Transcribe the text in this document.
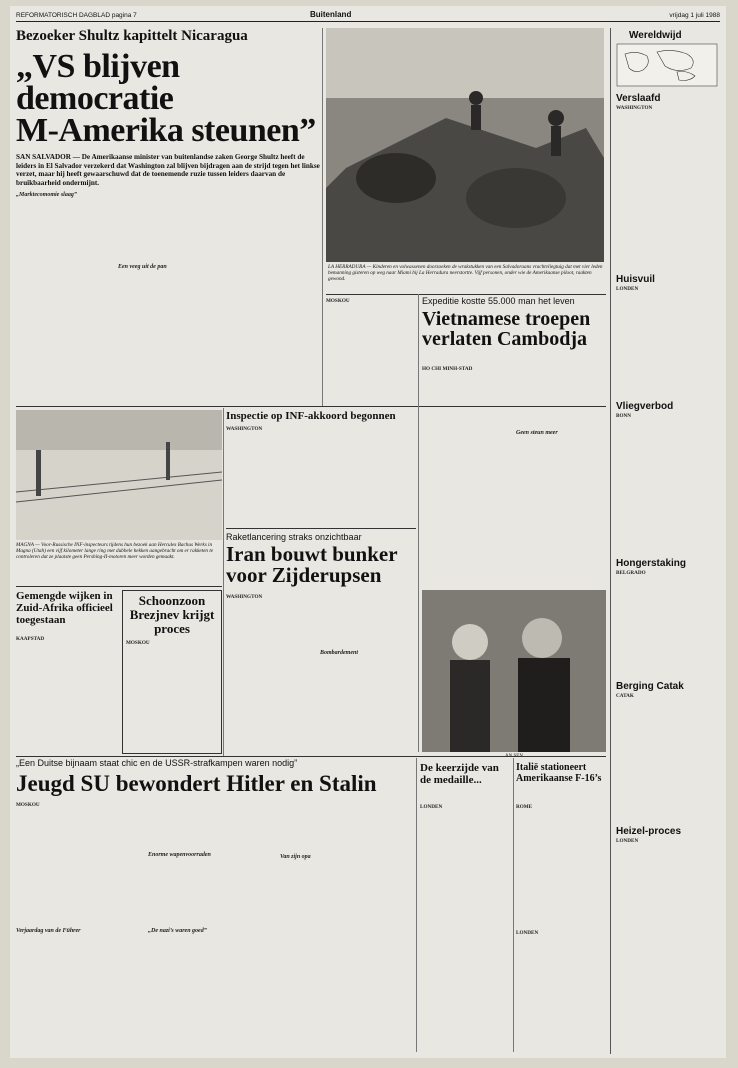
REFORMATORISCH DAGBLAD pagina 7	Buitenland	vrijdag 1 juli 1988
Bezoeker Shultz kapittelt Nicaragua
„VS blijven democratie
M-Amerika steunen”
SAN SALVADOR — De Amerikaanse minister van buitenlandse zaken George Shultz heeft de leiders in El Salvador verzekerd dat Washington zal blijven bijdragen aan de strijd tegen het linkse verzet, maar hij heeft gewaarschuwd dat de toenemende ruzie tussen leiders daarvan de bruikbaarheid ondermijnt.

„Marktecomomie slaag”
Een veeg uit de pan	LA HERRADURA — Kinderen en volwassenen doorzoeken de wrakstukken van een Salvadoraans vrachtvliegtuig dat met vier leden bemanning gisteren op weg naar Miami bij La Herradura neerstortte. Vijf personen, onder wie de Amerikaanse piloot, raakten gewond.
Wereldwijd
Verslaafd
WASHINGTON
Huisvuil
LONDEN
Vliegverbod
BONN
Hongerstaking
BELGRADO
Berging Catak
CATAK
Heizel-proces
LONDEN
MOSKOU	Expeditie kostte 55.000 man het leven
Vietnamese troepen
verlaten Cambodja
HO CHI MINH-STAD
Geen steun meer
MAGNA — Voor-Russische INF-inspecteurs tijdens hun bezoek aan Hercules Bachus Werks in Magna (Utah) een vijf kilometer lange ring met dubbele hekken aangebracht om er rakketen te controleren dat ze plaatste geen Pershing-II-motoren meer worden gemaakt.
Inspectie op INF-akkoord begonnen
WASHINGTON
Raketlancering straks onzichtbaar
Iran bouwt bunker
voor Zijderupsen
WASHINGTON
Bombardement
Gemengde wijken in Zuid-Afrika officieel toegestaan
KAAPSTAD
Schoonzoon Brezjnev krijgt proces
MOSKOU
„Een Duitse bijnaam staat chic en de USSR-strafkampen waren nodig”
Jeugd SU bewondert Hitler en Stalin
MOSKOU
Verjaardag van de Führer
Enorme wapenvoorraden
„De nazi’s waren goed”
Van zijn opa
De keerzijde van de medaille...
LONDEN
Italië stationeert Amerikaanse F-16’s
ROME
LONDEN
